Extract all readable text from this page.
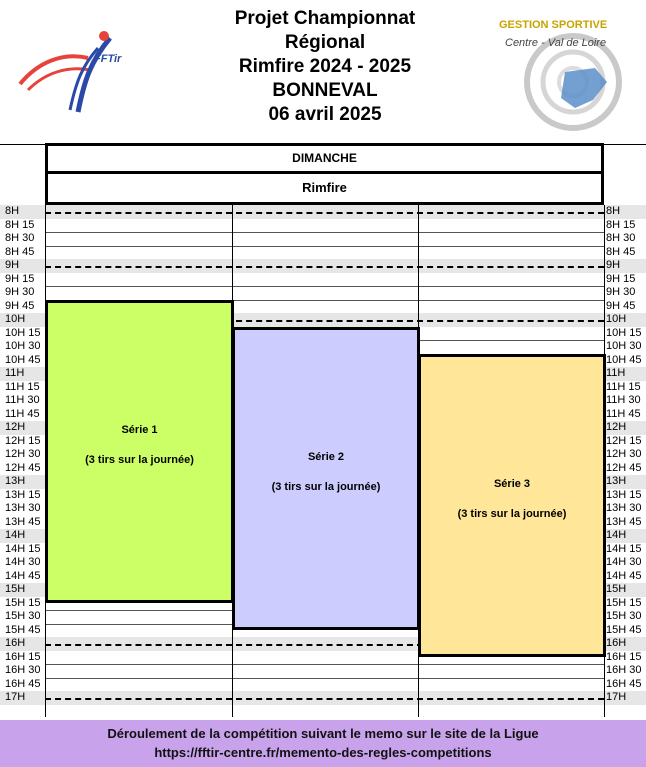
FFTir
Projet Championnat
Régional
Rimfire 2024 - 2025
BONNEVAL
06 avril 2025
GESTION SPORTIVE
Centre - Val de Loire
DIMANCHE
Rimfire
8H	8H
8H 15	8H 15
8H 30	8H 30
8H 45	8H 45
9H	9H
9H 15	9H 15
9H 30	9H 30
9H 45	9H 45
10H	10H
10H 15	10H 15
10H 30	10H 30
10H 45	10H 45
11H	11H
11H 15	11H 15
11H 30	11H 30
11H 45	11H 45
12H	12H
12H 15	12H 15
12H 30	12H 30
12H 45	12H 45
13H	13H
13H 15	13H 15
13H 30	13H 30
13H 45	13H 45
14H	14H
14H 15	14H 15
14H 30	14H 30
14H 45	14H 45
15H	15H
15H 15	15H 15
15H 30	15H 30
15H 45	15H 45
16H	16H
16H 15	16H 15
16H 30	16H 30
16H 45	16H 45
17H	17H
Série 1
(3 tirs sur la journée)	Série 2
(3 tirs sur la journée)	Série 3
(3 tirs sur la journée)
Déroulement de la compétition suivant le memo sur le site de la Ligue
https://fftir-centre.fr/memento-des-regles-competitions
